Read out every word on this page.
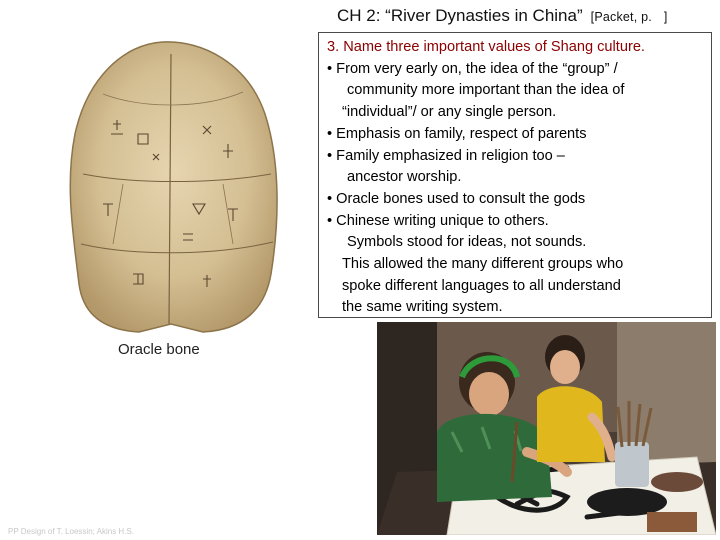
CH 2: “River Dynasties in China” [Packet, p. ]
Oracle bone
3. Name three important values of Shang culture.
• From very early on, the idea of the “group” /
community more important than the idea of
“individual”/ or any single person.
• Emphasis on family, respect of parents
• Family emphasized in religion too –
ancestor worship.
• Oracle bones used to consult the gods
• Chinese writing unique to others.
Symbols stood for ideas, not sounds.
This allowed the many different groups who
spoke different languages to all understand
the same writing system.
PP Design of T. Loessin; Akins H.S.
